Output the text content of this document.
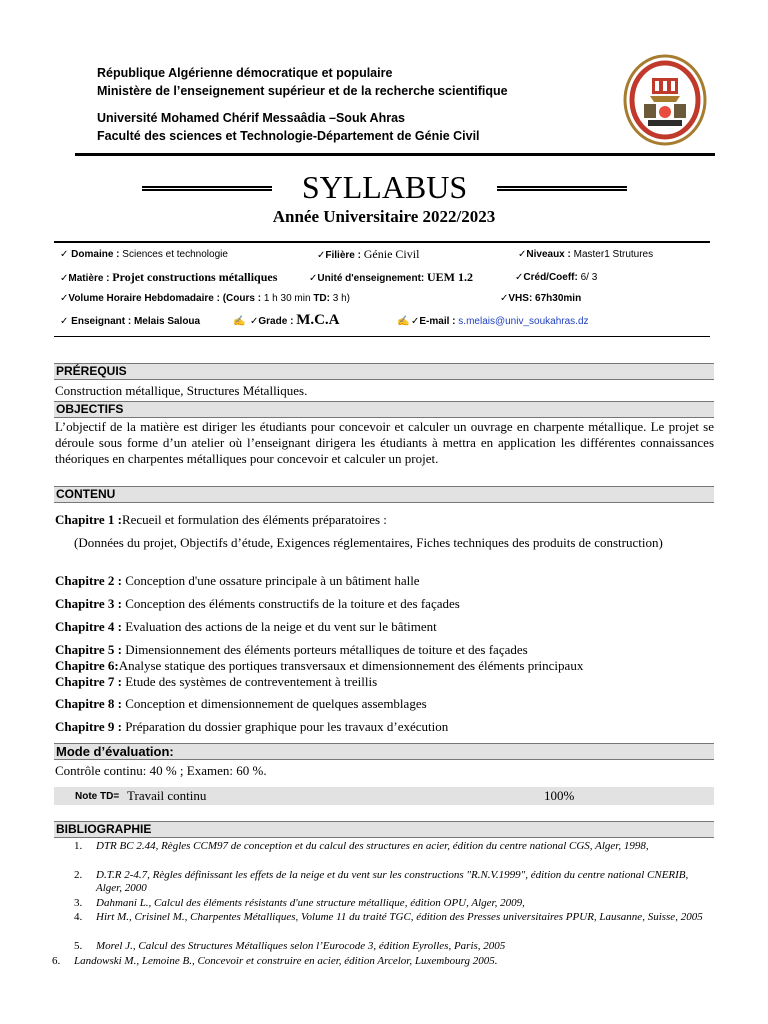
République Algérienne démocratique et populaire
Ministère de l’enseignement supérieur et de la recherche scientifique
Université Mohamed Chérif Messaâdia –Souk Ahras
Faculté des sciences et Technologie-Département de Génie Civil
SYLLABUS
Année Universitaire 2022/2023
✓ Domaine : Sciences et technologie	✓Filière : Génie Civil	✓Niveaux : Master1 Strutures
✓Matière : Projet constructions métalliques	✓Unité d'enseignement: UEM 1.2	✓Créd/Coeff: 6/ 3
✓Volume Horaire Hebdomadaire : (Cours : 1 h 30 min TD: 3 h)	✓VHS: 67h30min
✓ Enseignant : Melais Saloua	✍ ✓Grade : M.C.A	✍ ✓E-mail : s.melais@univ_soukahras.dz
PRÉREQUIS
Construction métallique, Structures Métalliques.
OBJECTIFS
L’objectif de la matière est diriger les étudiants pour concevoir et calculer un ouvrage en charpente métallique. Le projet se déroule sous forme d’un atelier où l’enseignant dirigera les étudiants à mettra en application les différentes connaissances théoriques en charpentes métalliques pour concevoir et calculer un projet.
CONTENU
Chapitre 1 :Recueil et formulation des éléments préparatoires :
(Données du projet, Objectifs d’étude, Exigences réglementaires, Fiches techniques des produits de construction)
Chapitre 2 : Conception d'une ossature principale à un bâtiment halle
Chapitre 3 : Conception des éléments constructifs de la toiture et des façades
Chapitre 4 : Evaluation des actions de la neige et du vent sur le bâtiment
Chapitre 5 : Dimensionnement des éléments porteurs métalliques de toiture et des façades
Chapitre 6:Analyse statique des portiques transversaux et dimensionnement des éléments principaux
Chapitre 7 : Etude des systèmes de contreventement à treillis
Chapitre 8 : Conception et dimensionnement de quelques assemblages
Chapitre 9 : Préparation du dossier graphique pour les travaux d’exécution
Mode d’évaluation:
Contrôle continu: 40 % ; Examen: 60 %.
Note TD= Travail continu	100%
BIBLIOGRAPHIE
1. DTR BC 2.44, Règles CCM97 de conception et du calcul des structures en acier, édition du centre national CGS, Alger, 1998,
2. D.T.R 2-4.7, Règles définissant les effets de la neige et du vent sur les constructions "R.N.V.1999", édition du centre national CNERIB, Alger, 2000
3. Dahmani L., Calcul des éléments résistants d'une structure métallique, édition OPU, Alger, 2009,
4. Hirt M., Crisinel M., Charpentes Métalliques, Volume 11 du traité TGC, édition des Presses universitaires PPUR, Lausanne, Suisse, 2005
5. Morel J., Calcul des Structures Métalliques selon l’Eurocode 3, édition Eyrolles, Paris, 2005
6. Landowski M., Lemoine B., Concevoir et construire en acier, édition Arcelor, Luxembourg 2005.
